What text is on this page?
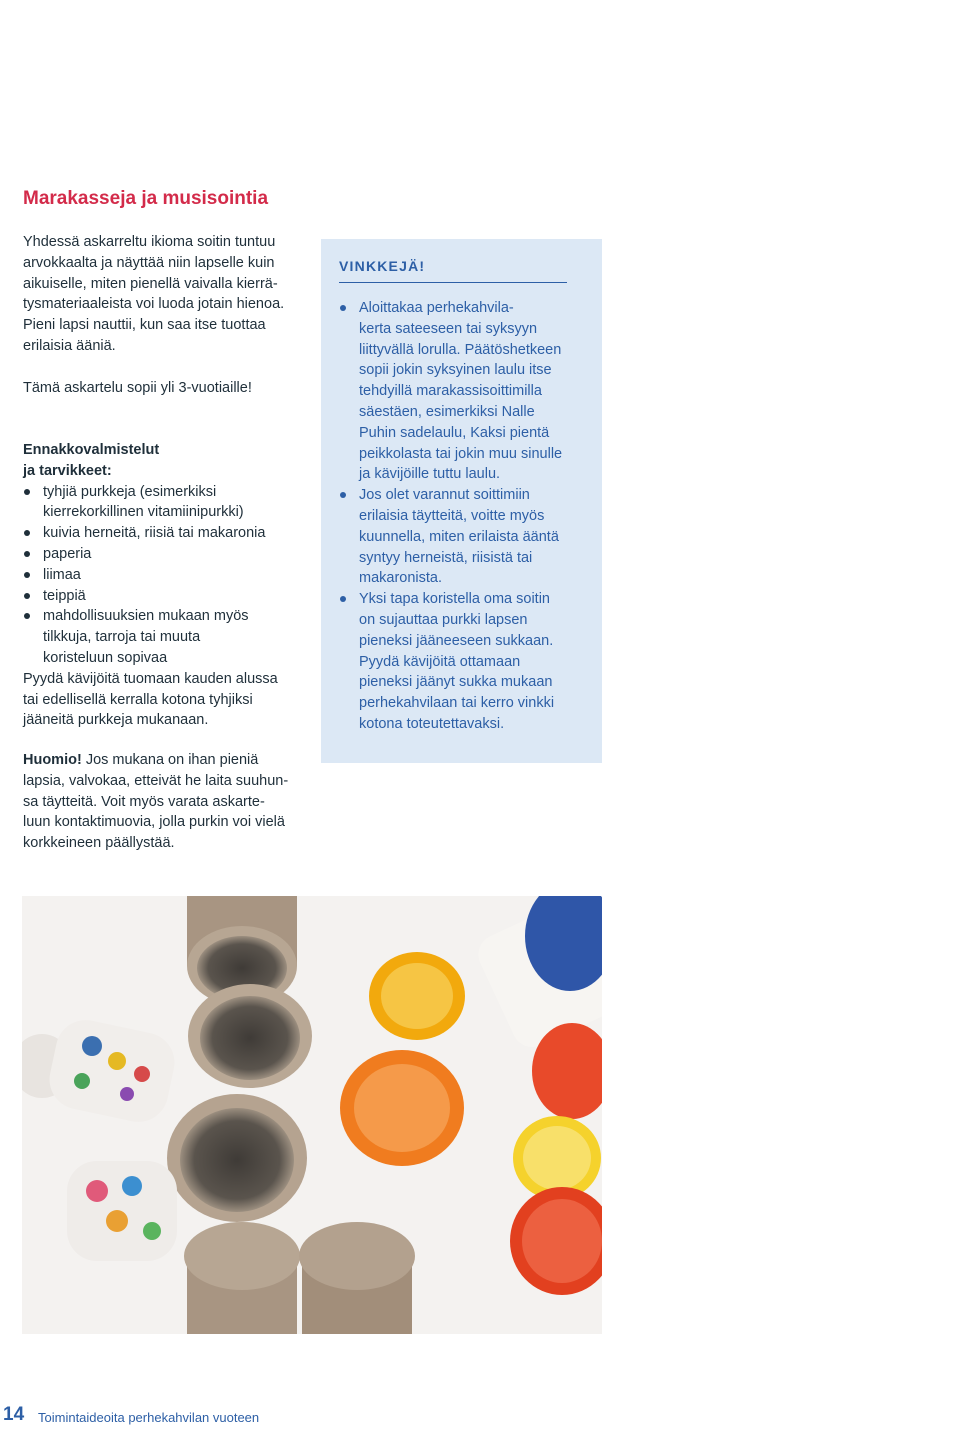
Marakasseja ja musisointia

Yhdessä askarreltu ikioma soitin tuntuu

arvokkaalta ja näyttää niin lapselle kuin

aikuiselle, miten pienellä vaivalla kierrä-

tysmateriaaleista voi luoda jotain hienoa.

Pieni lapsi nauttii, kun saa itse tuottaa

erilaisia ääniä.

Tämä askartelu sopii yli 3-vuotiaille!

Ennakkovalmistelut

ja tarvikkeet:

tyhjiä purkkeja (esimerkiksi
kierrekorkillinen vitamiinipurkki)
kuivia herneitä, riisiä tai makaronia
paperia
liimaa
teippiä
mahdollisuuksien mukaan myös
tilkkuja, tarroja tai muuta
koristeluun sopivaa

Pyydä kävijöitä tuomaan kauden alussa

tai edellisellä kerralla kotona tyhjiksi

jääneitä purkkeja mukanaan.

Huomio! Jos mukana on ihan pieniä
lapsia, valvokaa, etteivät he laita suuhun-
sa täytteitä. Voit myös varata askarte-
luun kontaktimuovia, jolla purkin voi vielä
korkkeineen päällystää.
VINKKEJÄ!
Aloittakaa perhekahvila-
kerta sateeseen tai syksyyn
liittyvällä lorulla. Päätöshetkeen
sopii jokin syksyinen laulu itse
tehdyillä marakassisoittimilla
säestäen, esimerkiksi Nalle
Puhin sadelaulu, Kaksi pientä
peikkolasta tai jokin muu sinulle
ja kävijöille tuttu laulu.
Jos olet varannut soittimiin
erilaisia täytteitä, voitte myös
kuunnella, miten erilaista ääntä
syntyy herneistä, riisistä tai
makaronista.
Yksi tapa koristella oma soitin
on sujauttaa purkki lapsen
pieneksi jääneeseen sukkaan.
Pyydä kävijöitä ottamaan
pieneksi jäänyt sukka mukaan
perhekahvilaan tai kerro vinkki
kotona toteutettavaksi.
14 Toimintaideoita perhekahvilan vuoteen
